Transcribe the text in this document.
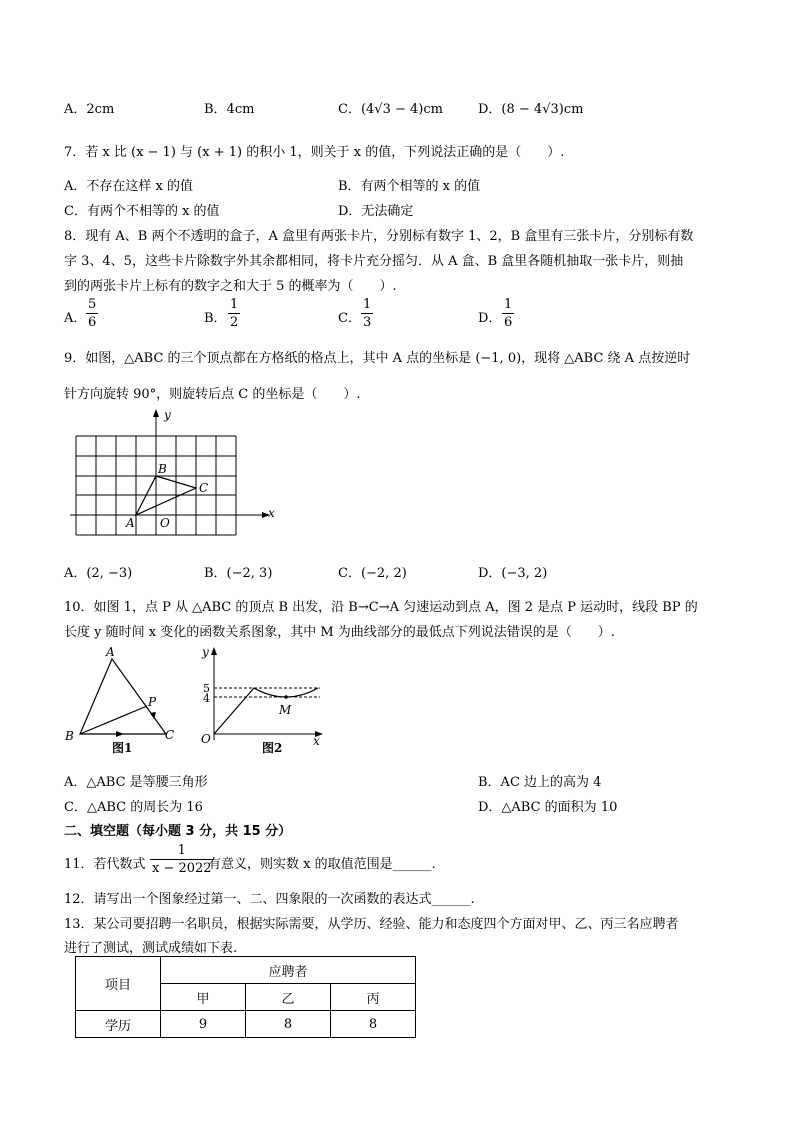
A．2cm	B．4cm	C．(4√3 − 4)cm	D．(8 − 4√3)cm
7．若 x 比 (x − 1) 与 (x + 1) 的积小 1，则关于 x 的值，下列说法正确的是（　　）.
A．不存在这样 x 的值	B．有两个相等的 x 的值
C．有两个不相等的 x 的值	D．无法确定
8．现有 A、B 两个不透明的盒子，A 盒里有两张卡片，分别标有数字 1、2，B 盒里有三张卡片，分别标有数
字 3、4、5，这些卡片除数字外其余都相同，将卡片充分摇匀．从 A 盒、B 盒里各随机抽取一张卡片，则抽
到的两张卡片上标有的数字之和大于 5 的概率为（　　）.
A．
5
6	B．
1
2	C．
1
3	D．
1
6
9．如图，△ABC 的三个顶点都在方格纸的格点上，其中 A 点的坐标是 (−1, 0)，现将 △ABC 绕 A 点按逆时
针方向旋转 90°，则旋转后点 C 的坐标是（　　）.
y
x
B
C
A O
A．(2, −3)	B．(−2, 3)	C．(−2, 2)	D．(−3, 2)
10．如图 1，点 P 从 △ABC 的顶点 B 出发，沿 B→C→A 匀速运动到点 A，图 2 是点 P 运动时，线段 BP 的
长度 y 随时间 x 变化的函数关系图象，其中 M 为曲线部分的最低点下列说法错误的是（　　）.
A
B	C
P
图1
y
x
O
5
4
M
图2
A．△ABC 是等腰三角形	B．AC 边上的高为 4
C．△ABC 的周长为 16	D．△ABC 的面积为 10
二、填空题（每小题 3 分，共 15 分）
11．若代数式
1
x − 2022
有意义，则实数 x 的取值范围是______.
12．请写出一个图象经过第一、二、四象限的一次函数的表达式______.
13．某公司要招聘一名职员，根据实际需要，从学历、经验、能力和态度四个方面对甲、乙、丙三名应聘者
进行了测试，测试成绩如下表.
项目	应聘者		
	甲	乙	丙
学历	9	8	8
